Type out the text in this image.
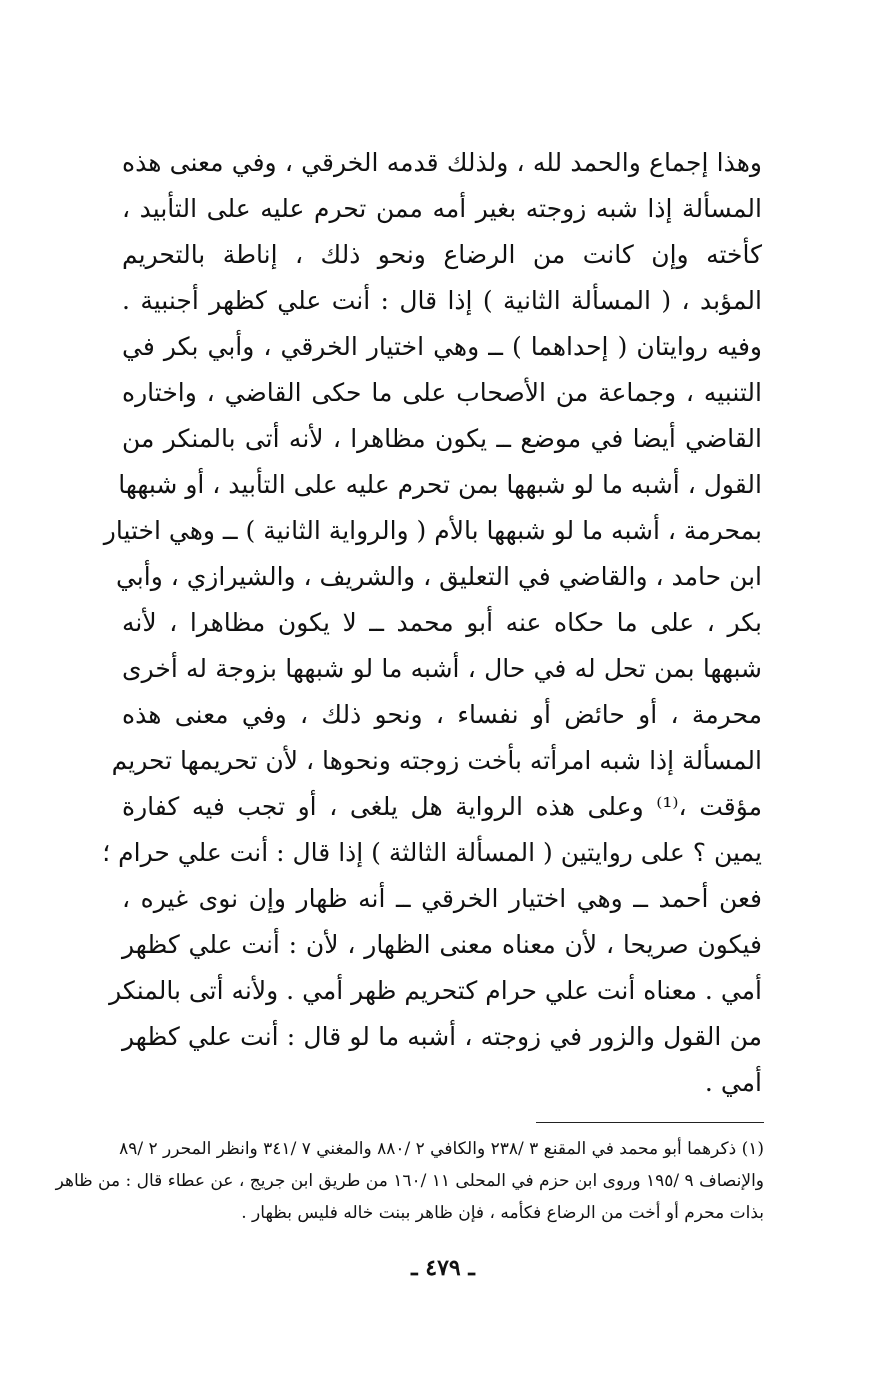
وهذا إجماع والحمد لله ، ولذلك قدمه الخرقي ، وفي معنى هذه
المسألة إذا شبه زوجته بغير أمه ممن تحرم عليه على التأبيد ،
كأخته وإن كانت من الرضاع ونحو ذلك ، إناطة بالتحريم
المؤبد ، ( المسألة الثانية ) إذا قال : أنت علي كظهر أجنبية .
وفيه روايتان ( إحداهما ) ــ وهي اختيار الخرقي ، وأبي بكر في
التنبيه ، وجماعة من الأصحاب على ما حكى القاضي ، واختاره
القاضي أيضا في موضع ــ يكون مظاهرا ، لأنه أتى بالمنكر من
القول ، أشبه ما لو شبهها بمن تحرم عليه على التأبيد ، أو شبهها
بمحرمة ، أشبه ما لو شبهها بالأم ( والرواية الثانية ) ــ وهي اختيار
ابن حامد ، والقاضي في التعليق ، والشريف ، والشيرازي ، وأبي
بكر ، على ما حكاه عنه أبو محمد ــ لا يكون مظاهرا ، لأنه
شبهها بمن تحل له في حال ، أشبه ما لو شبهها بزوجة له أخرى
محرمة ، أو حائض أو نفساء ، ونحو ذلك ، وفي معنى هذه
المسألة إذا شبه امرأته بأخت زوجته ونحوها ، لأن تحريمها تحريم
مؤقت ،⁽¹⁾ وعلى هذه الرواية هل يلغى ، أو تجب فيه كفارة
يمين ؟ على روايتين ( المسألة الثالثة ) إذا قال : أنت علي حرام ؛
فعن أحمد ــ وهي اختيار الخرقي ــ أنه ظهار وإن نوى غيره ،
فيكون صريحا ، لأن معناه معنى الظهار ، لأن : أنت علي كظهر
أمي . معناه أنت علي حرام كتحريم ظهر أمي . ولأنه أتى بالمنكر
من القول والزور في زوجته ، أشبه ما لو قال : أنت علي كظهر
أمي .
(١) ذكرهما أبو محمد في المقنع ٣ /٢٣٨ والكافي ٢ /٨٨٠ والمغني ٧ /٣٤١ وانظر المحرر ٢ /٨٩
والإنصاف ٩ /١٩٥ وروى ابن حزم في المحلى ١١ /١٦٠ من طريق ابن جريج ، عن عطاء قال : من ظاهر
بذات محرم أو أخت من الرضاع فكأمه ، فإن ظاهر ببنت خاله فليس بظهار .
ـ ٤٧٩ ـ
